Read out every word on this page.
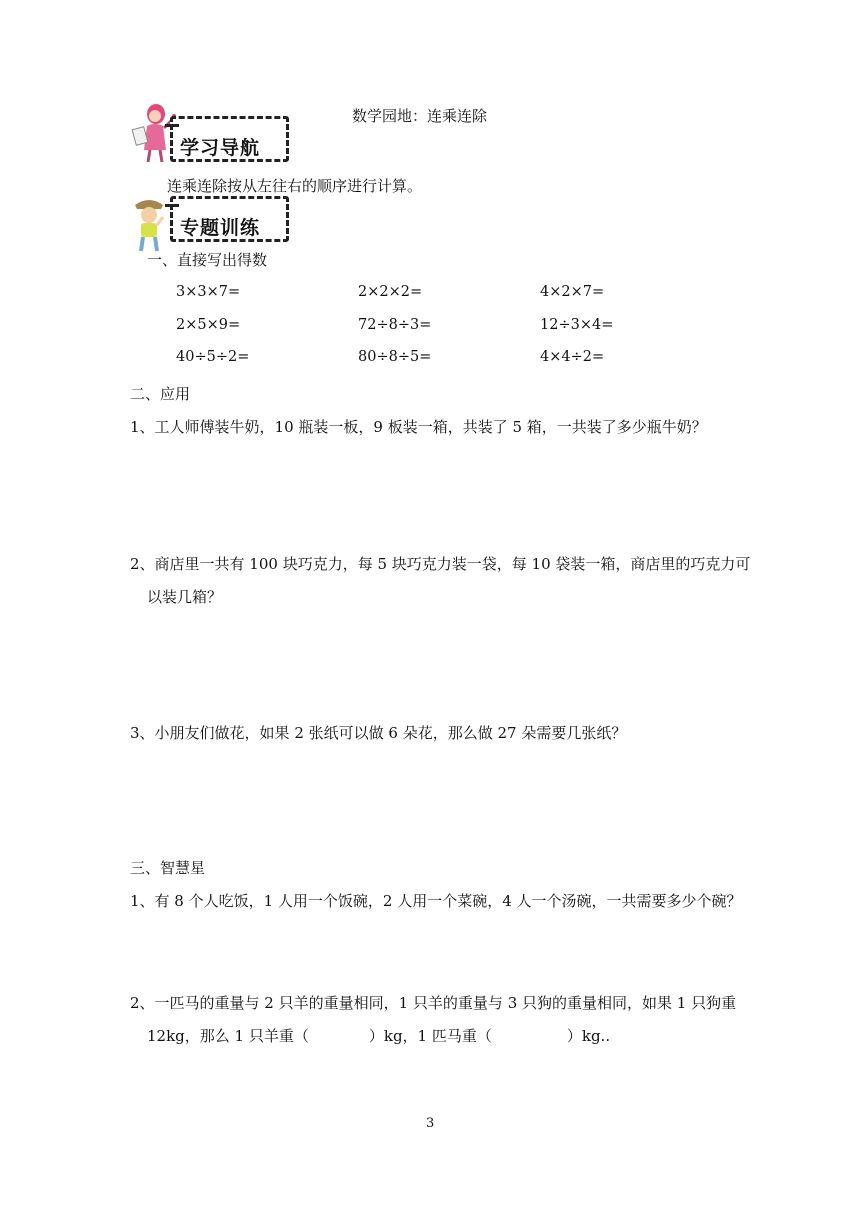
数学园地：连乘连除
学习导航
连乘连除按从左往右的顺序进行计算。
专题训练
一、直接写出得数
3×3×7=	2×2×2=	4×2×7=
2×5×9=	72÷8÷3=	12÷3×4=
40÷5÷2=	80÷8÷5=	4×4÷2=
二、应用
1、工人师傅装牛奶，10 瓶装一板，9 板装一箱，共装了 5 箱，一共装了多少瓶牛奶？
2、商店里一共有 100 块巧克力，每 5 块巧克力装一袋，每 10 袋装一箱，商店里的巧克力可
以装几箱？
3、小朋友们做花，如果 2 张纸可以做 6 朵花，那么做 27 朵需要几张纸？
三、智慧星
1、有 8 个人吃饭，1 人用一个饭碗，2 人用一个菜碗，4 人一个汤碗，一共需要多少个碗？
2、一匹马的重量与 2 只羊的重量相同，1 只羊的重量与 3 只狗的重量相同，如果 1 只狗重
12kg，那么 1 只羊重（　　　　）kg，1 匹马重（　　　　　）kg..
3
